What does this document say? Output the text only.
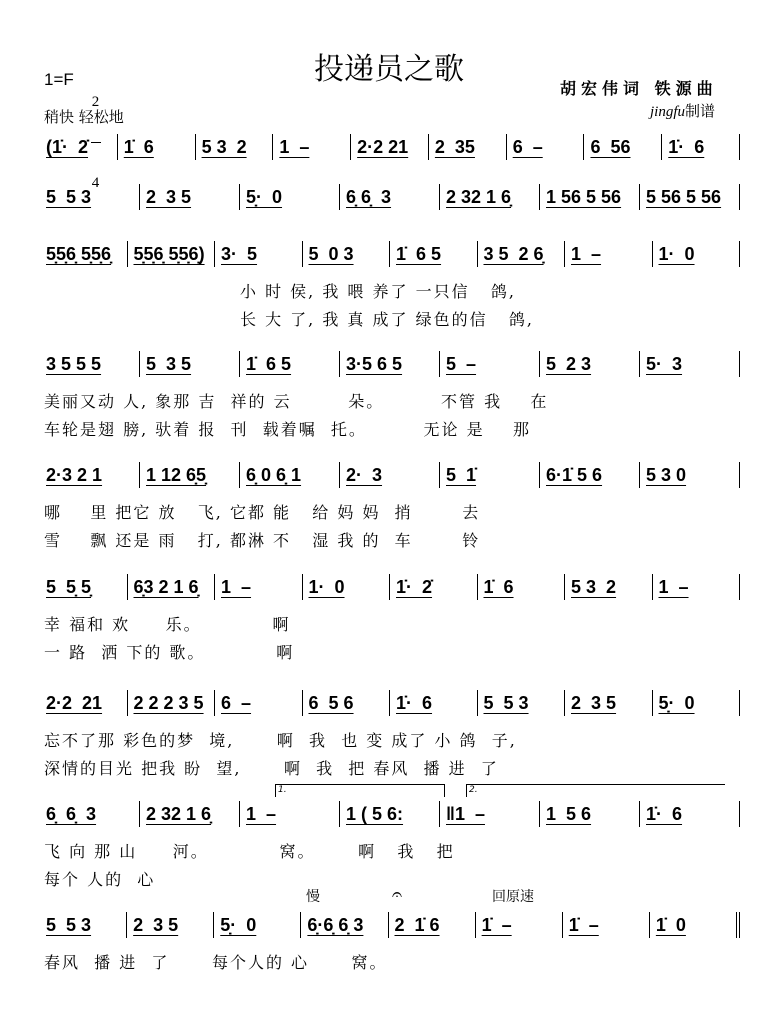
投递员之歌
1=F

2

4

稍快 轻松地
胡宏伟词 铁源曲
jingfu制谱
慢	𝄐	回原速
1.	2.
(1̇·  2̇	1̇  6	5 3  2	1  –	2·2 21	2  35	6  –	6  56	1̇·  6
5  5 3	2  3 5	5̣·  0	6̣ 6̣  3	2 32 1 6̣	1 56 5 56	5 56 5 56
5̣5̣6̣ 5̣5̣6̣	5̣5̣6̣ 5̣5̣6̣) 3·  5	5  0 3	1̇  6 5	3 5  2 6̣	1  –	1·  0
小 时 侯, 我 喂 养了 一只信   鸽,
长 大 了, 我 真 成了 绿色的信   鸽,
3 5 5 5	5  3 5	1̇  6 5	3·5 6 5	5  –	5  2 3	5·  3
美丽又动 人, 象那 吉  祥的 云        朵。        不管 我    在
车轮是翅 膀, 驮着 报  刊  载着嘱  托。        无论 是    那
2·3 2 1	1 12 6̣5̣	6̣ 0 6̣ 1	2·  3	5  1̇	6·1̇ 5 6	5 3 0
哪    里 把它 放   飞, 它都 能   给 妈 妈  捎       去
雪    飘 还是 雨   打, 都淋 不   湿 我 的  车       铃
5  5̣ 5̣	6̣3 2 1 6̣	1  –	1·  0	1̇·  2̇	1̇  6	5 3  2	1  –
幸 福和 欢     乐。          啊
一 路  洒 下的 歌。          啊
2·2  21	2 2 2 3 5 6  –	6  5 6	1̇·  6	5  5 3	2  3 5	5̣·  0
忘不了那 彩色的梦  境,      啊  我  也 变 成了 小 鸽  子,
深情的目光 把我 盼  望,      啊  我  把 春风  播 进  了
6̣  6̣  3	2 32 1 6̣	1  –	1 ( 5 6:	‖1  –	1  5 6	1̇·  6
飞 向 那 山     河。          窝。      啊   我   把
每个 人的  心
5  5 3	2  3 5	5̣·  0	6̣·6̣ 6̣ 3	2  1̇ 6	1̇  –	1̇  –	1̇  0
春风  播 进  了      每个人的 心      窝。
